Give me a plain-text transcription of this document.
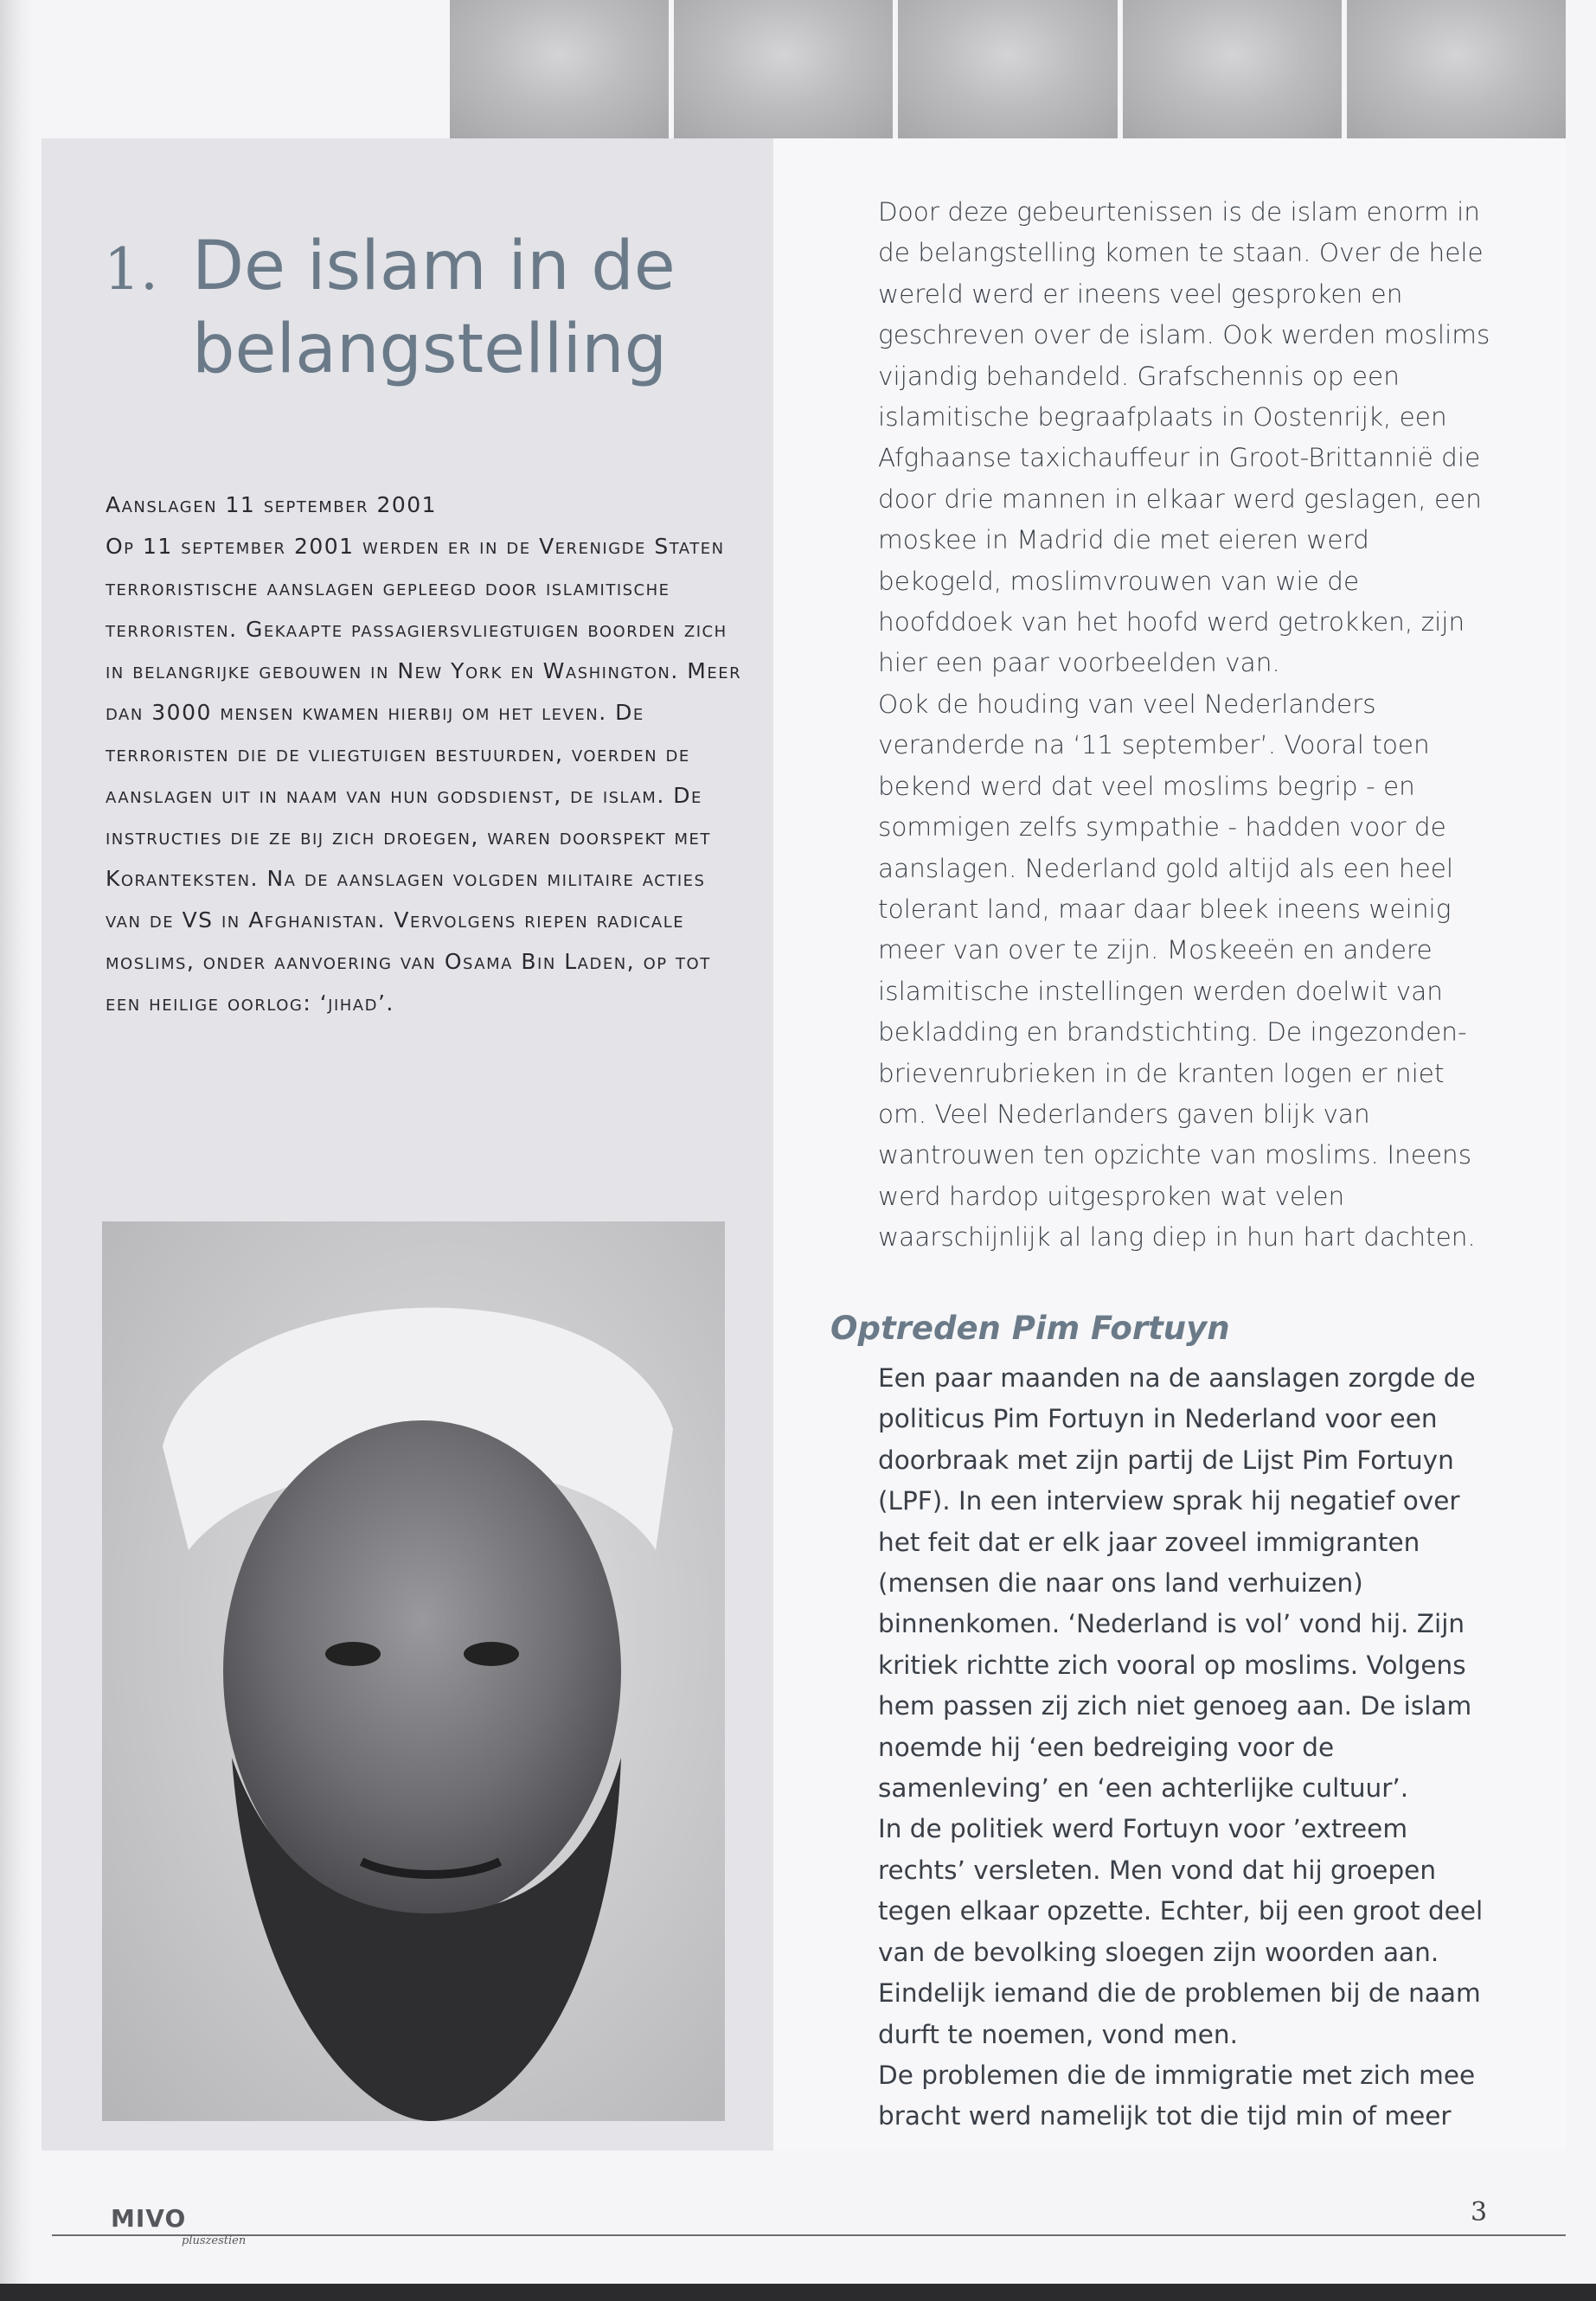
1. De islam in de
belangstelling
Aanslagen 11 september 2001
Op 11 september 2001 werden er in de Verenigde Staten terroristische aanslagen gepleegd door islamitische terroristen. Gekaapte passagiersvliegtuigen boorden zich in belangrijke gebouwen in New York en Washington. Meer dan 3000 mensen kwamen hierbij om het leven. De terroristen die de vliegtuigen bestuurden, voerden de aanslagen uit in naam van hun godsdienst, de islam. De instructies die ze bij zich droegen, waren doorspekt met Koranteksten. Na de aanslagen volgden militaire acties van de VS in Afghanistan. Vervolgens riepen radicale moslims, onder aanvoering van Osama Bin Laden, op tot een heilige oorlog: ‘jihad’.

Door deze gebeurtenissen is de islam enorm in de belangstelling komen te staan. Over de hele wereld werd er ineens veel gesproken en geschreven over de islam. Ook werden moslims vijandig behandeld. Grafschennis op een islamitische begraafplaats in Oostenrijk, een Afghaanse taxichauffeur in Groot-Brittannië die door drie mannen in elkaar werd geslagen, een moskee in Madrid die met eieren werd bekogeld, moslimvrouwen van wie de hoofddoek van het hoofd werd getrokken, zijn hier een paar voorbeelden van.

Ook de houding van veel Nederlanders veranderde na ‘11 september’. Vooral toen bekend werd dat veel moslims begrip - en sommigen zelfs sympathie - hadden voor de aanslagen. Nederland gold altijd als een heel tolerant land, maar daar bleek ineens weinig meer van over te zijn. Moskeeën en andere islamitische instellingen werden doelwit van bekladding en brandstichting. De ingezonden-brievenrubrieken in de kranten logen er niet om. Veel Nederlanders gaven blijk van wantrouwen ten opzichte van moslims. Ineens werd hardop uitgesproken wat velen waarschijnlijk al lang diep in hun hart dachten.

Optreden Pim Fortuyn

Een paar maanden na de aanslagen zorgde de politicus Pim Fortuyn in Nederland voor een doorbraak met zijn partij de Lijst Pim Fortuyn (LPF). In een interview sprak hij negatief over het feit dat er elk jaar zoveel immigranten (mensen die naar ons land verhuizen) binnenkomen. ‘Nederland is vol’ vond hij. Zijn kritiek richtte zich vooral op moslims. Volgens hem passen zij zich niet genoeg aan. De islam noemde hij ‘een bedreiging voor de samenleving’ en ‘een achterlijke cultuur’.

In de politiek werd Fortuyn voor ’extreem rechts’ versleten. Men vond dat hij groepen tegen elkaar opzette. Echter, bij een groot deel van de bevolking sloegen zijn woorden aan. Eindelijk iemand die de problemen bij de naam durft te noemen, vond men.

De problemen die de immigratie met zich mee bracht werd namelijk tot die tijd min of meer

MIVO
pluszestien
3
